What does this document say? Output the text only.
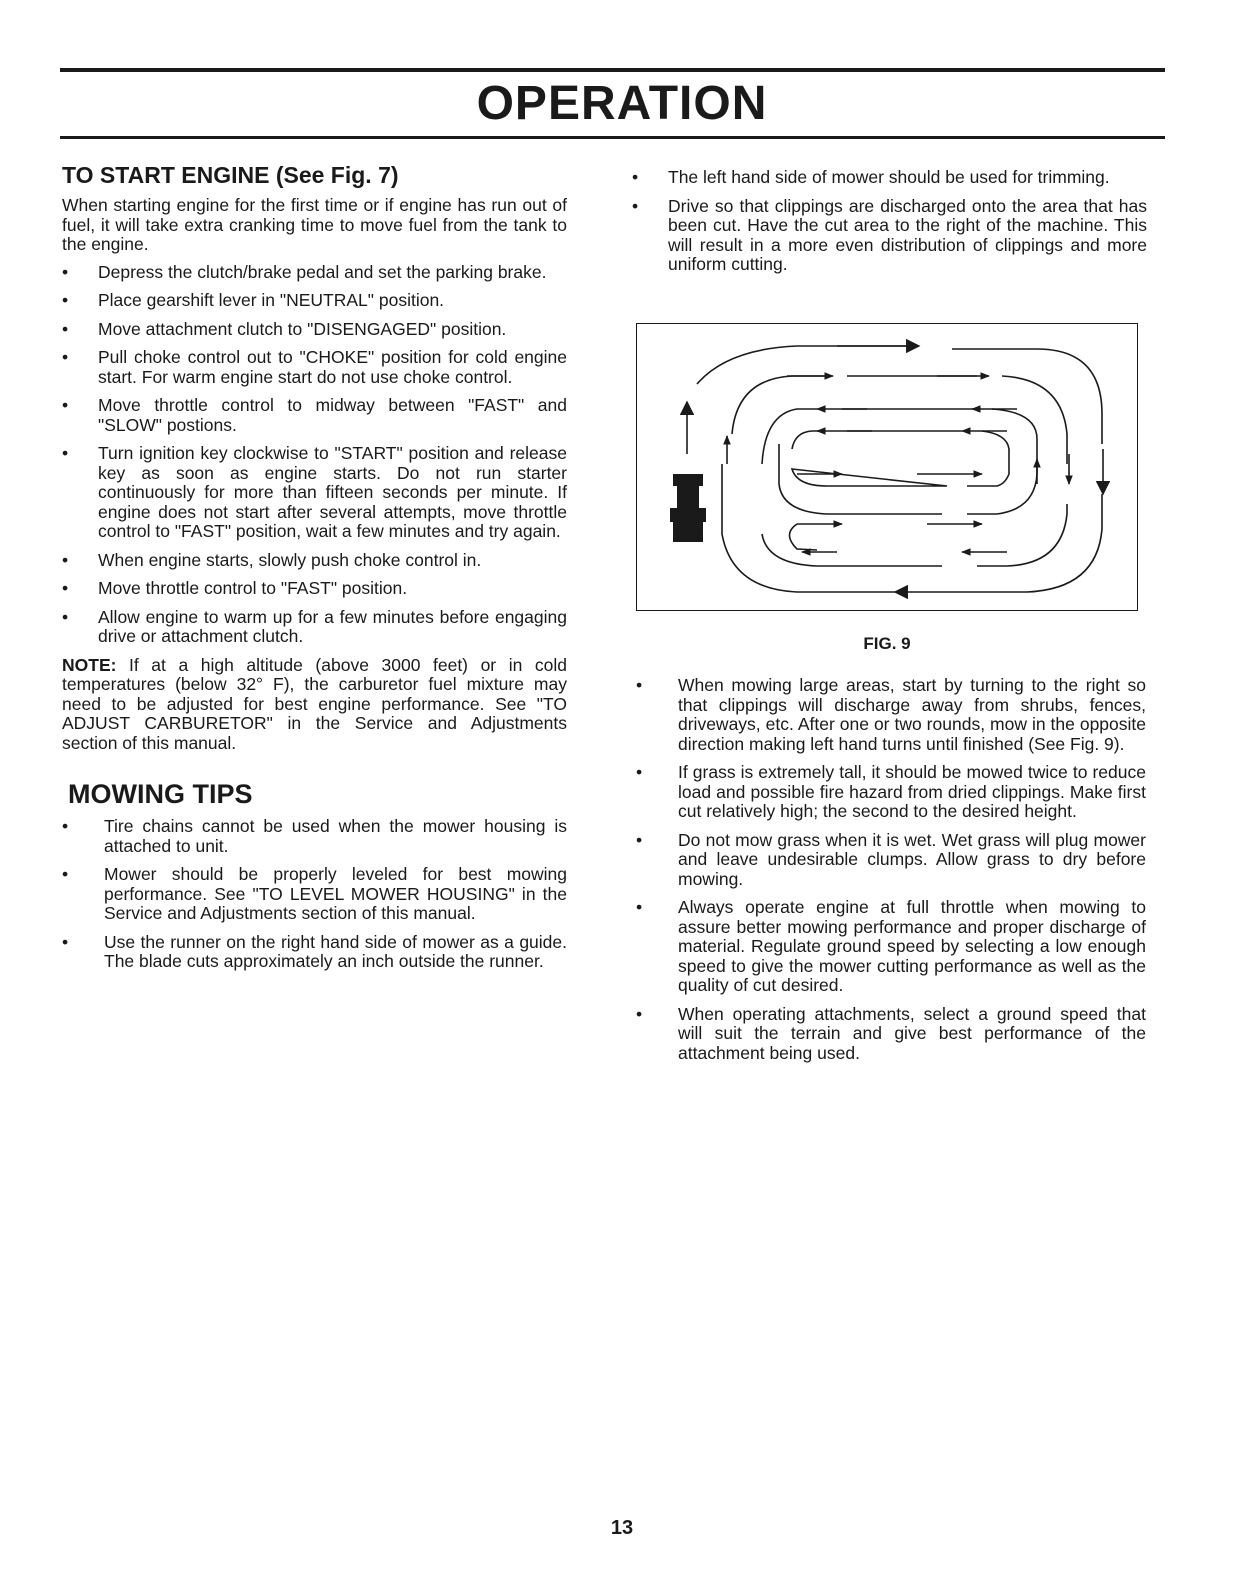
OPERATION
TO START ENGINE (See Fig. 7)

When starting engine for the first time or if engine has run out of fuel, it will take extra cranking time to move fuel from the tank to the engine.

• Depress the clutch/brake pedal and set the parking brake.
• Place gearshift lever in "NEUTRAL" position.
• Move attachment clutch to "DISENGAGED" position.
• Pull choke control out to "CHOKE" position for cold engine start. For warm engine start do not use choke control.
• Move throttle control to midway between "FAST" and "SLOW" postions.
• Turn ignition key clockwise to "START" position and release key as soon as engine starts. Do not run starter continuously for more than fifteen seconds per minute. If engine does not start after several attempts, move throttle control to "FAST" position, wait a few minutes and try again.
• When engine starts, slowly push choke control in.
• Move throttle control to "FAST" position.
• Allow engine to warm up for a few minutes before engaging drive or attachment clutch.

NOTE: If at a high altitude (above 3000 feet) or in cold temperatures (below 32° F), the carburetor fuel mixture may need to be adjusted for best engine performance. See "TO ADJUST CARBURETOR" in the Service and Adjustments section of this manual.

MOWING TIPS
• Tire chains cannot be used when the mower housing is attached to unit.
• Mower should be properly leveled for best mowing performance. See "TO LEVEL MOWER HOUSING" in the Service and Adjustments section of this manual.
• Use the runner on the right hand side of mower as a guide. The blade cuts approximately an inch outside the runner.
• The left hand side of mower should be used for trimming.
• Drive so that clippings are discharged onto the area that has been cut. Have the cut area to the right of the machine. This will result in a more even distribution of clippings and more uniform cutting.
FIG. 9
• When mowing large areas, start by turning to the right so that clippings will discharge away from shrubs, fences, driveways, etc. After one or two rounds, mow in the opposite direction making left hand turns until finished (See Fig. 9).
• If grass is extremely tall, it should be mowed twice to reduce load and possible fire hazard from dried clippings. Make first cut relatively high; the second to the desired height.
• Do not mow grass when it is wet. Wet grass will plug mower and leave undesirable clumps. Allow grass to dry before mowing.
• Always operate engine at full throttle when mowing to assure better mowing performance and proper discharge of material. Regulate ground speed by selecting a low enough speed to give the mower cutting performance as well as the quality of cut desired.
• When operating attachments, select a ground speed that will suit the terrain and give best performance of the attachment being used.
13
